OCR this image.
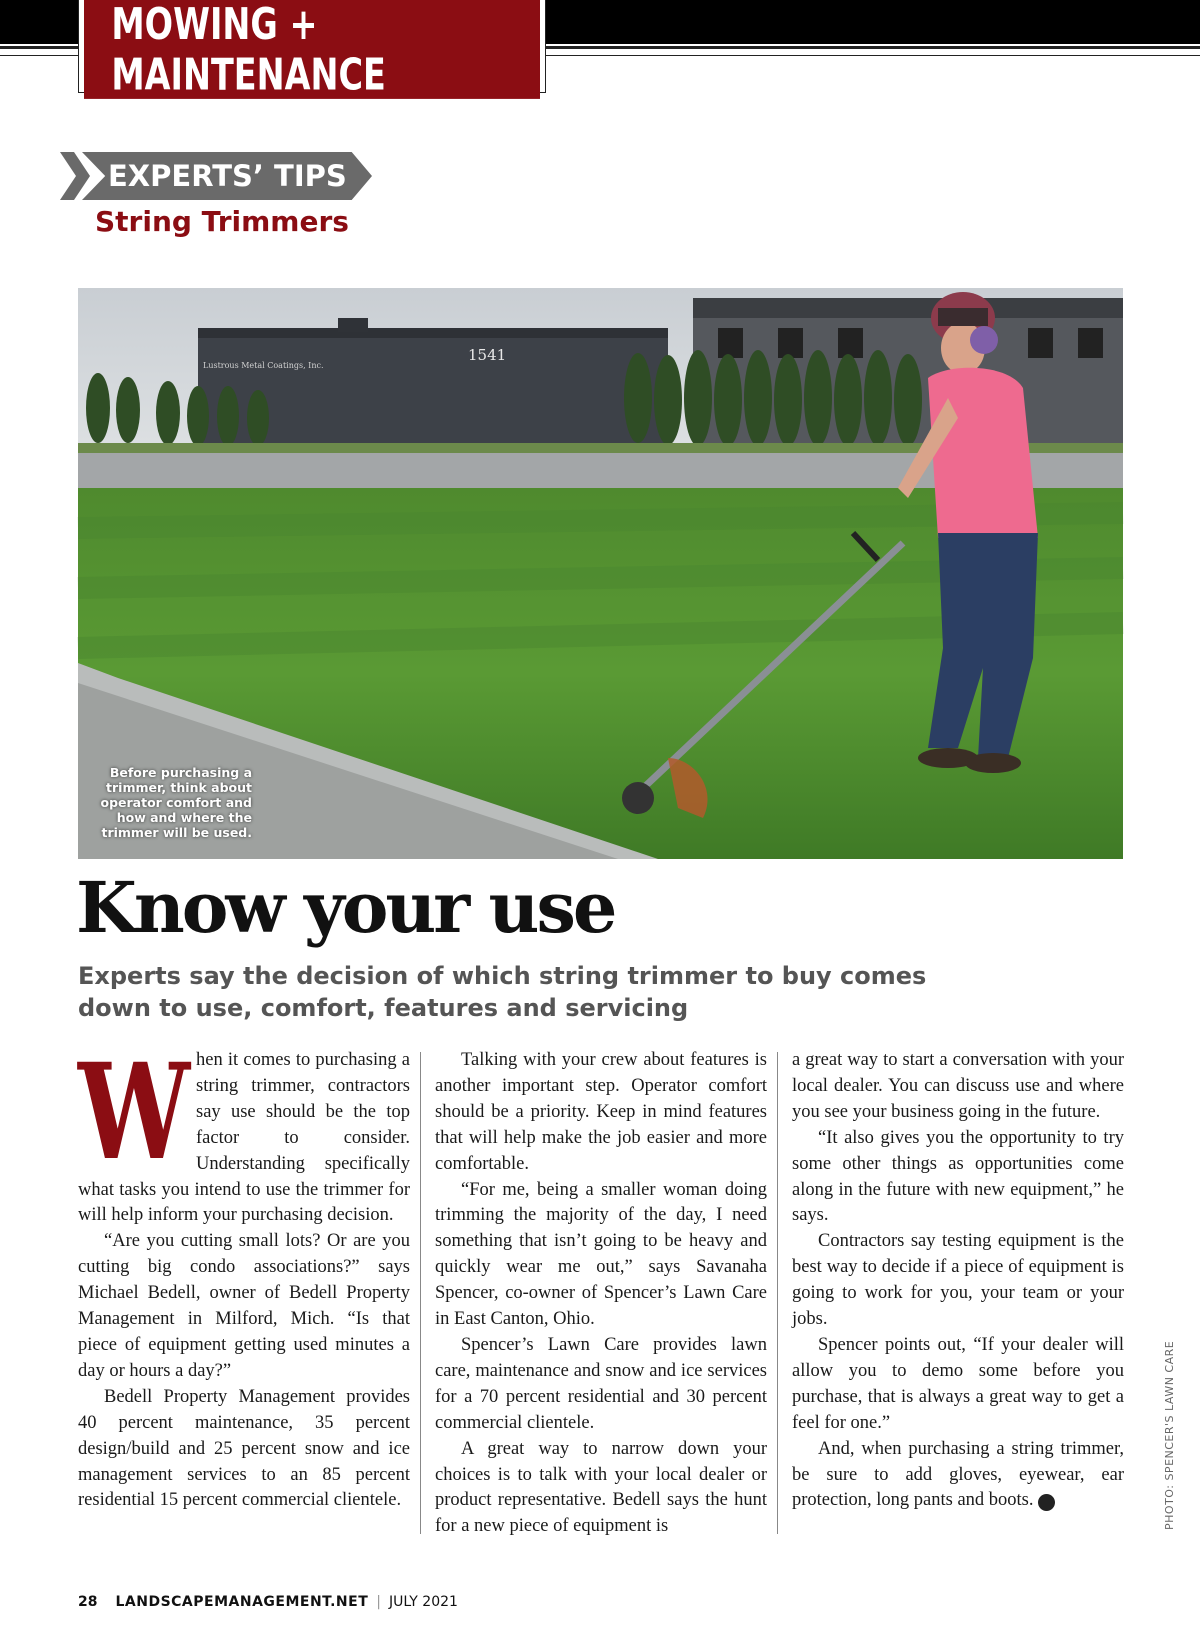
MOWING + MAINTENANCE
EXPERTS’ TIPS
String Trimmers
1541
Lustrous Metal Coatings, Inc.
Before purchasing a trimmer, think about operator comfort and how and where the trimmer will be used.
PHOTO: SPENCER'S LAWN CARE
Know your use

Experts say the decision of which string trimmer to buy comes down to use, comfort, features and servicing

W hen it comes to purchasing a string trimmer, contractors say use should be the top factor to consider. Understanding specifically what tasks you intend to use the trimmer for will help inform your purchasing decision.

“Are you cutting small lots? Or are you cutting big condo associations?” says Michael Bedell, owner of Bedell Property Management in Milford, Mich. “Is that piece of equipment getting used minutes a day or hours a day?”

Bedell Property Management provides 40 percent maintenance, 35 percent design/build and 25 percent snow and ice management services to an 85 percent residential 15 percent commercial clientele.

Talking with your crew about features is another important step. Operator comfort should be a priority. Keep in mind features that will help make the job easier and more comfortable.

“For me, being a smaller woman doing trimming the majority of the day, I need something that isn’t going to be heavy and quickly wear me out,” says Savanaha Spencer, co-owner of Spencer’s Lawn Care in East Canton, Ohio.

Spencer’s Lawn Care provides lawn care, maintenance and snow and ice services for a 70 percent residential and 30 percent commercial clientele.

A great way to narrow down your choices is to talk with your local dealer or product representative. Bedell says the hunt for a new piece of equipment is

a great way to start a conversation with your local dealer. You can discuss use and where you see your business going in the future.

“It also gives you the opportunity to try some other things as opportunities come along in the future with new equipment,” he says.

Contractors say testing equipment is the best way to decide if a piece of equipment is going to work for you, your team or your jobs.

Spencer points out, “If your dealer will allow you to demo some before you purchase, that is always a great way to get a feel for one.”

And, when purchasing a string trimmer, be sure to add gloves, eyewear, ear protection, long pants and boots.	LM

28 LANDSCAPEMANAGEMENT.NET | JULY 2021
